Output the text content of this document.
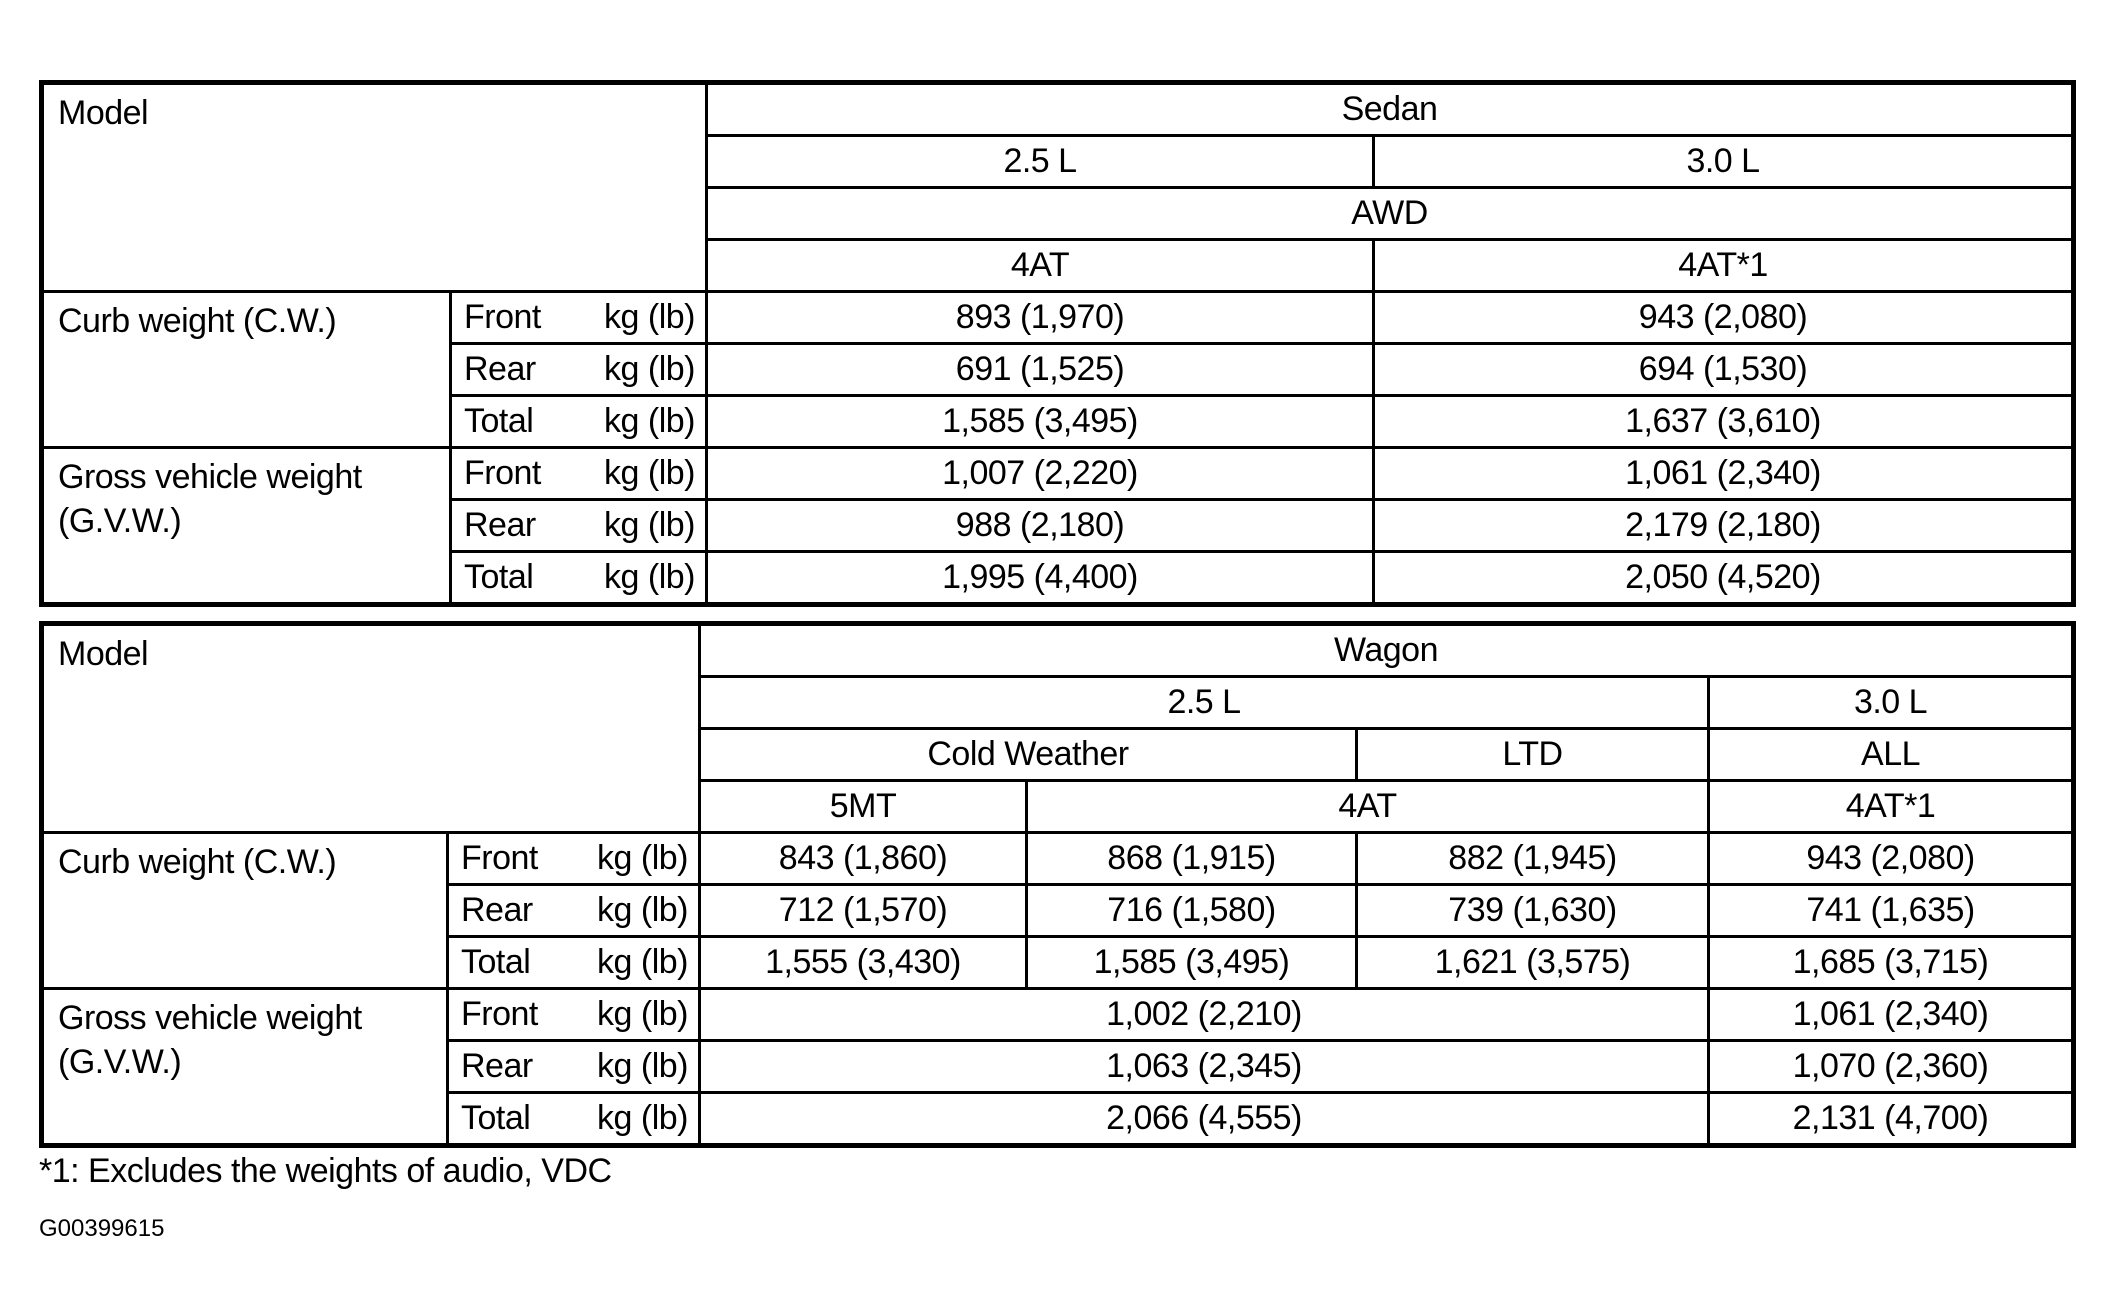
Model			Sedan	
			2.5 L	3.0 L
			AWD	
			4AT	4AT*1
Curb weight (C.W.)	Front	kg (lb)	893 (1,970)	943 (2,080)
	Rear	kg (lb)	691 (1,525)	694 (1,530)
	Total	kg (lb)	1,585 (3,495)	1,637 (3,610)
Gross vehicle weight
(G.V.W.)	Front	kg (lb)	1,007 (2,220)	1,061 (2,340)
	Rear	kg (lb)	988 (2,180)	2,179 (2,180)
	Total	kg (lb)	1,995 (4,400)	2,050 (4,520)
Model			Wagon			
			2.5 L			3.0 L
			Cold Weather		LTD	ALL
			5MT	4AT		4AT*1
Curb weight (C.W.)	Front	kg (lb)	843 (1,860)	868 (1,915)	882 (1,945)	943 (2,080)
	Rear	kg (lb)	712 (1,570)	716 (1,580)	739 (1,630)	741 (1,635)
	Total	kg (lb)	1,555 (3,430)	1,585 (3,495)	1,621 (3,575)	1,685 (3,715)
Gross vehicle weight
(G.V.W.)	Front	kg (lb)	1,002 (2,210)			1,061 (2,340)
	Rear	kg (lb)	1,063 (2,345)			1,070 (2,360)
	Total	kg (lb)	2,066 (4,555)			2,131 (4,700)
*1: Excludes the weights of audio, VDC
G00399615
